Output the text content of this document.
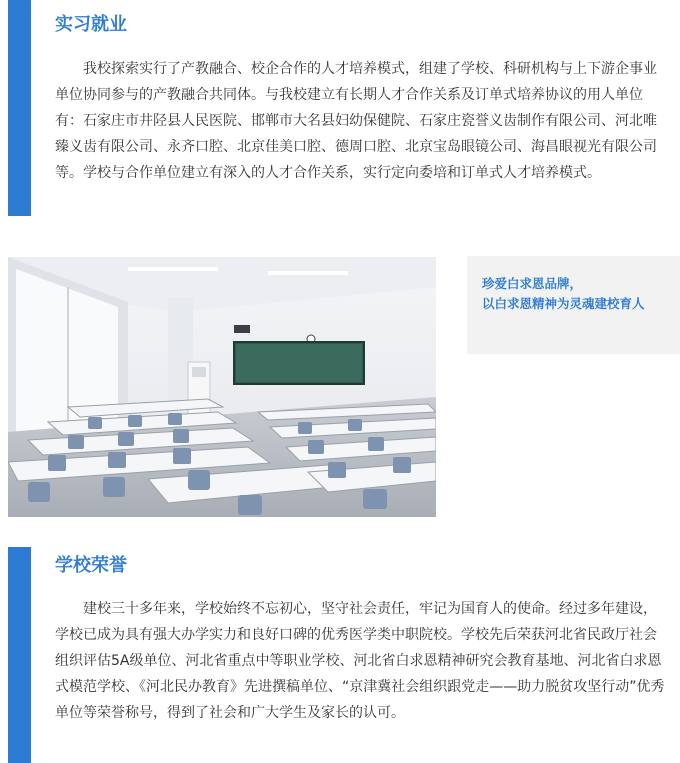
实习就业

我校探索实行了产教融合、校企合作的人才培养模式，组建了学校、科研机构与上下游企事业单位协同参与的产教融合共同体。与我校建立有长期人才合作关系及订单式培养协议的用人单位有：石家庄市井陉县人民医院、邯郸市大名县妇幼保健院、石家庄瓷誉义齿制作有限公司、河北唯臻义齿有限公司、永齐口腔、北京佳美口腔、德周口腔、北京宝岛眼镜公司、海昌眼视光有限公司等。学校与合作单位建立有深入的人才合作关系，实行定向委培和订单式人才培养模式。

珍爱白求恩品牌，
以白求恩精神为灵魂建校育人

学校荣誉

建校三十多年来，学校始终不忘初心，坚守社会责任，牢记为国育人的使命。经过多年建设，学校已成为具有强大办学实力和良好口碑的优秀医学类中职院校。学校先后荣获河北省民政厅社会组织评估5A级单位、河北省重点中等职业学校、河北省白求恩精神研究会教育基地、河北省白求恩式模范学校、《河北民办教育》先进撰稿单位、“京津冀社会组织跟党走——助力脱贫攻坚行动”优秀单位等荣誉称号，得到了社会和广大学生及家长的认可。
